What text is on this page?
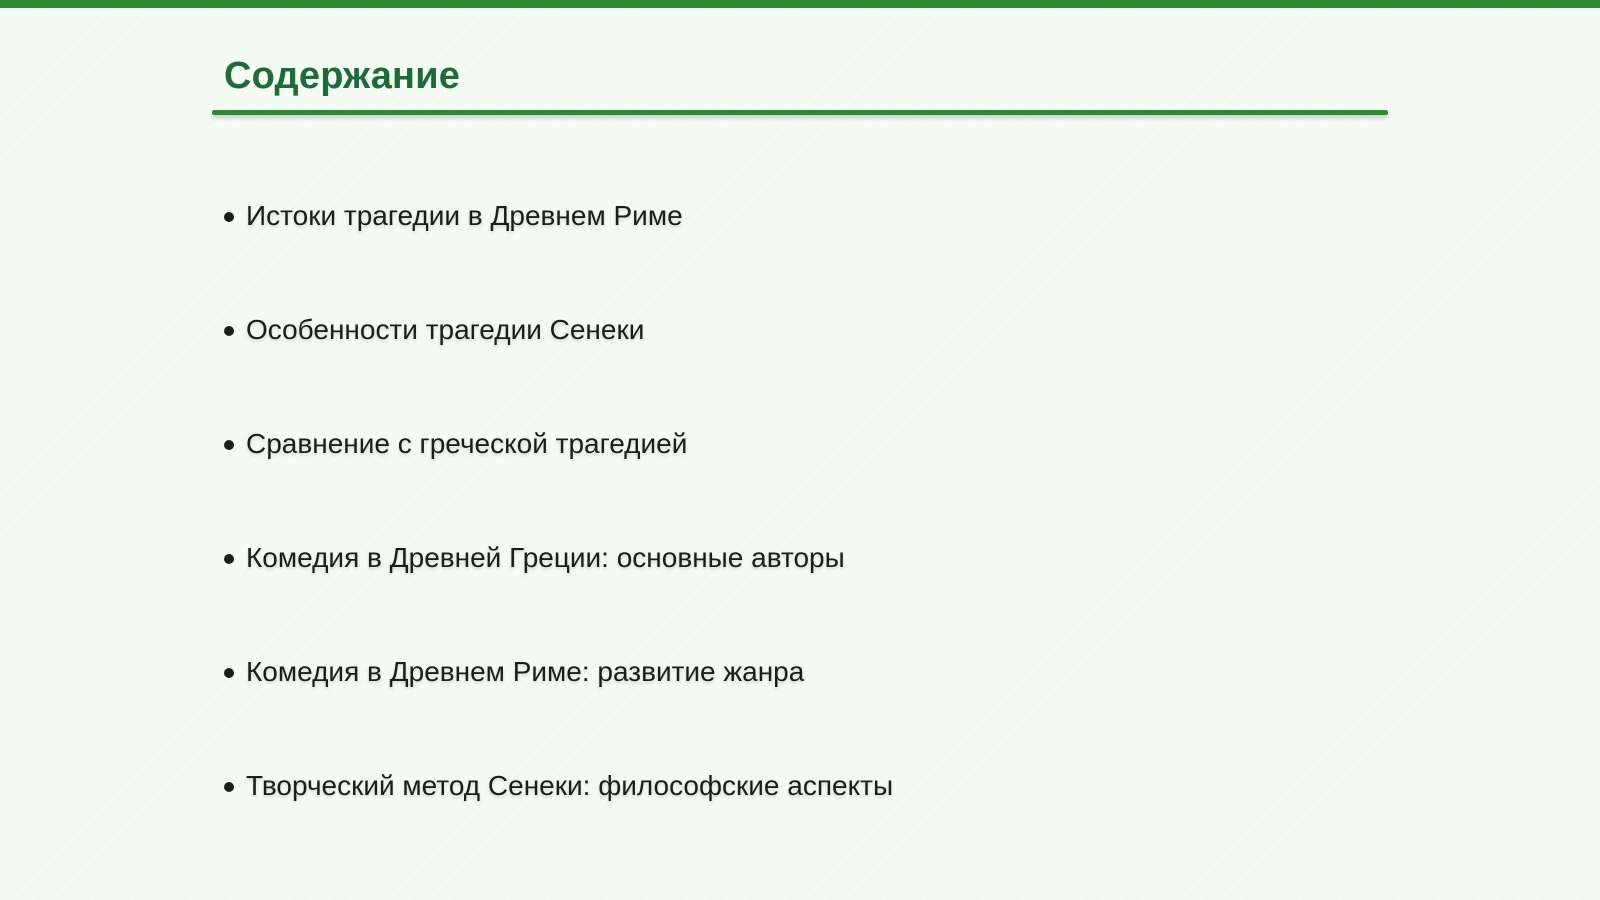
Содержание
Истоки трагедии в Древнем Риме
Особенности трагедии Сенеки
Сравнение с греческой трагедией
Комедия в Древней Греции: основные авторы
Комедия в Древнем Риме: развитие жанра
Творческий метод Сенеки: философские аспекты
